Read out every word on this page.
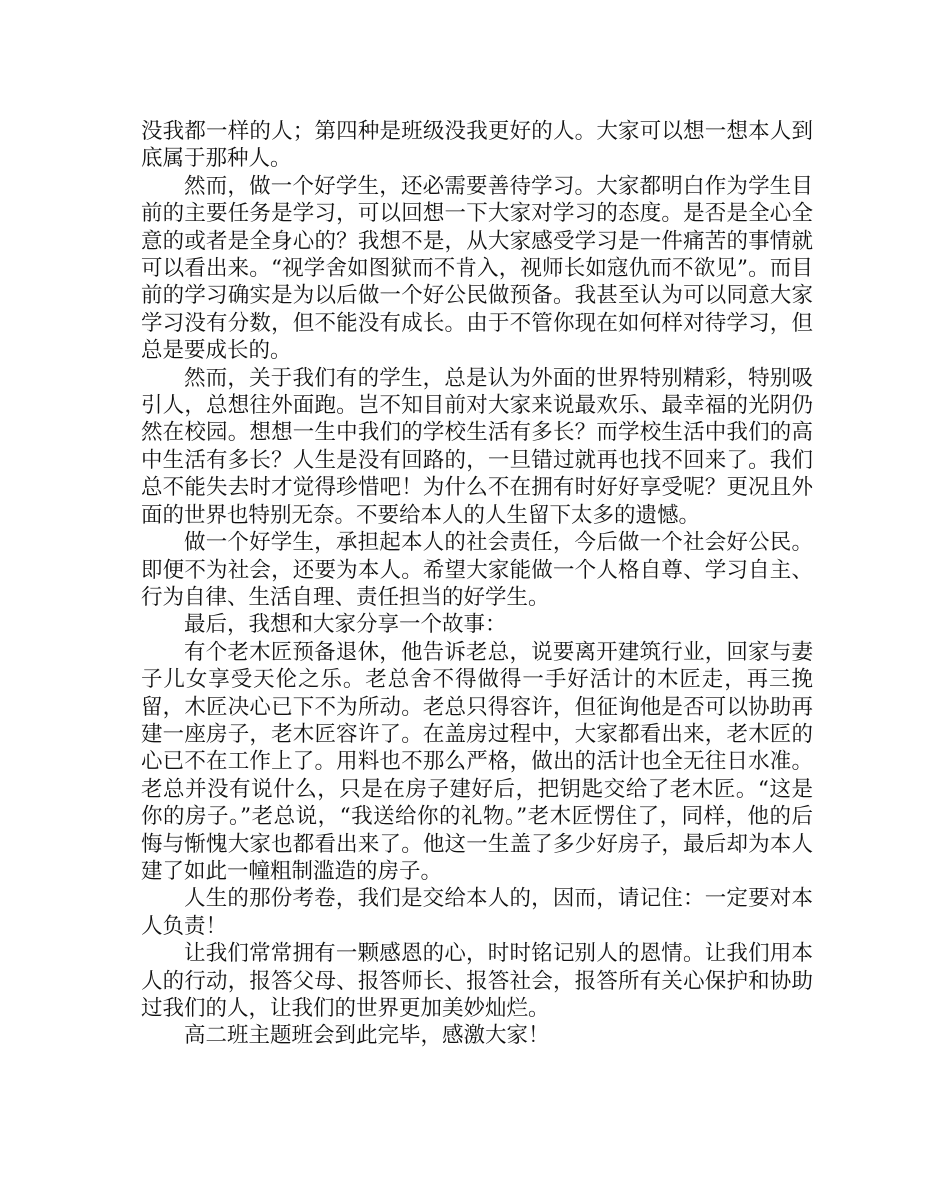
没我都一样的人；第四种是班级没我更好的人。大家可以想一想本人到底属于那种人。

然而，做一个好学生，还必需要善待学习。大家都明白作为学生目前的主要任务是学习，可以回想一下大家对学习的态度。是否是全心全意的或者是全身心的？我想不是，从大家感受学习是一件痛苦的事情就可以看出来。“视学舍如图狱而不肯入，视师长如寇仇而不欲见”。而目前的学习确实是为以后做一个好公民做预备。我甚至认为可以同意大家学习没有分数，但不能没有成长。由于不管你现在如何样对待学习，但总是要成长的。

然而，关于我们有的学生，总是认为外面的世界特别精彩，特别吸引人，总想往外面跑。岂不知目前对大家来说最欢乐、最幸福的光阴仍然在校园。想想一生中我们的学校生活有多长？而学校生活中我们的高中生活有多长？人生是没有回路的，一旦错过就再也找不回来了。我们总不能失去时才觉得珍惜吧！为什么不在拥有时好好享受呢？更况且外面的世界也特别无奈。不要给本人的人生留下太多的遗憾。

做一个好学生，承担起本人的社会责任，今后做一个社会好公民。即便不为社会，还要为本人。希望大家能做一个人格自尊、学习自主、行为自律、生活自理、责任担当的好学生。

最后，我想和大家分享一个故事：

有个老木匠预备退休，他告诉老总，说要离开建筑行业，回家与妻子儿女享受天伦之乐。老总舍不得做得一手好活计的木匠走，再三挽留，木匠决心已下不为所动。老总只得容许，但征询他是否可以协助再建一座房子，老木匠容许了。在盖房过程中，大家都看出来，老木匠的心已不在工作上了。用料也不那么严格，做出的活计也全无往日水准。老总并没有说什么，只是在房子建好后，把钥匙交给了老木匠。“这是你的房子。”老总说，“我送给你的礼物。”老木匠愣住了，同样，他的后悔与惭愧大家也都看出来了。他这一生盖了多少好房子，最后却为本人建了如此一幢粗制滥造的房子。

人生的那份考卷，我们是交给本人的，因而，请记住：一定要对本人负责！

让我们常常拥有一颗感恩的心，时时铭记别人的恩情。让我们用本人的行动，报答父母、报答师长、报答社会，报答所有关心保护和协助过我们的人，让我们的世界更加美妙灿烂。

高二班主题班会到此完毕，感激大家！
